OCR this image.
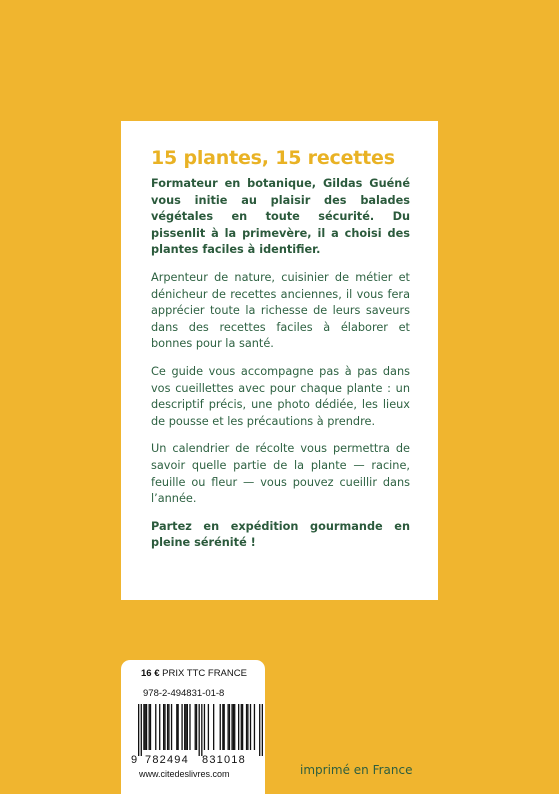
15 plantes, 15 recettes

Formateur en botanique, Gildas Guéné vous initie au plaisir des balades végétales en toute sécurité. Du pissenlit à la primevère, il a choisi des plantes faciles à identifier.

Arpenteur de nature, cuisinier de métier et dénicheur de recettes anciennes, il vous fera apprécier toute la richesse de leurs saveurs dans des recettes faciles à élaborer et bonnes pour la santé.

Ce guide vous accompagne pas à pas dans vos cueillettes avec pour chaque plante : un descriptif précis, une photo dédiée, les lieux de pousse et les précautions à prendre.

Un calendrier de récolte vous permettra de savoir quelle partie de la plante — racine, feuille ou fleur — vous pouvez cueillir dans l’année.

Partez en expédition gourmande en pleine sérénité !

16 € PRIX TTC FRANCE
978-2-494831-01-8
9 782494 831018
www.citedeslivres.com	imprimé en France
